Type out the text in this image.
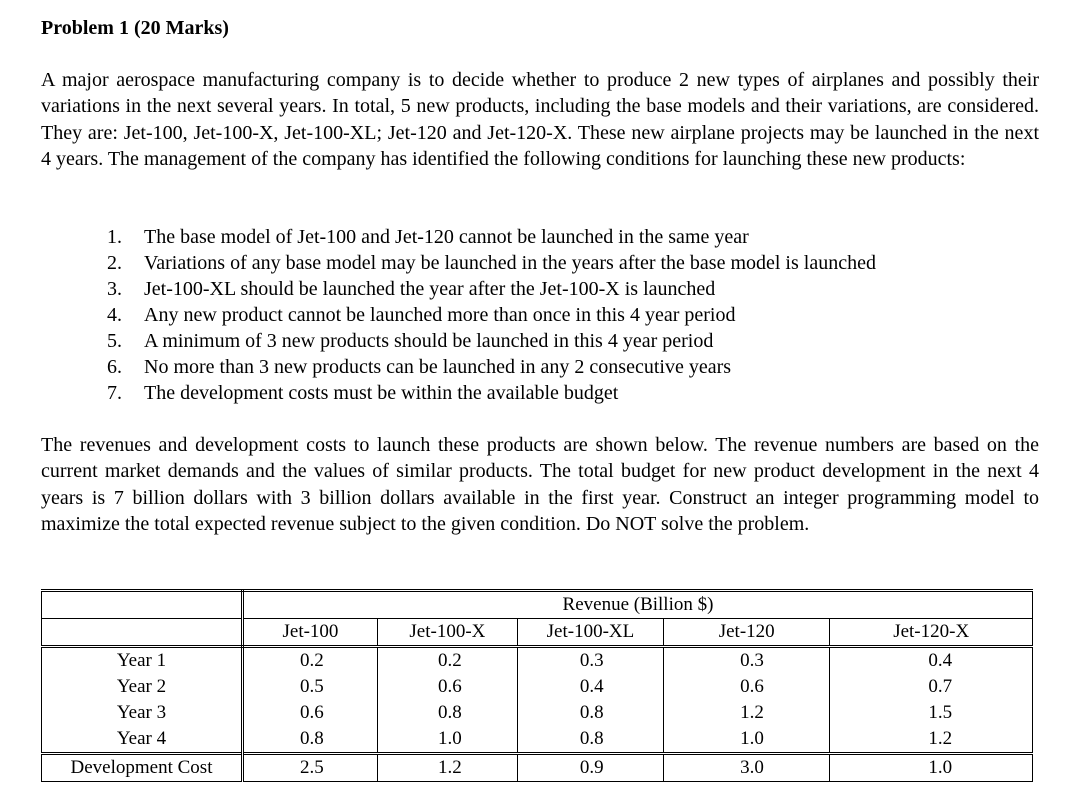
Problem 1 (20 Marks)

A major aerospace manufacturing company is to decide whether to produce 2 new types of airplanes and possibly their variations in the next several years. In total, 5 new products, including the base models and their variations, are considered. They are: Jet-100, Jet-100-X, Jet-100-XL; Jet-120 and Jet-120-X. These new airplane projects may be launched in the next 4 years. The management of the company has identified the following conditions for launching these new products:

1. The base model of Jet-100 and Jet-120 cannot be launched in the same year
2. Variations of any base model may be launched in the years after the base model is launched
3. Jet-100-XL should be launched the year after the Jet-100-X is launched
4. Any new product cannot be launched more than once in this 4 year period
5. A minimum of 3 new products should be launched in this 4 year period
6. No more than 3 new products can be launched in any 2 consecutive years
7. The development costs must be within the available budget

The revenues and development costs to launch these products are shown below. The revenue numbers are based on the current market demands and the values of similar products. The total budget for new product development in the next 4 years is 7 billion dollars with 3 billion dollars available in the first year. Construct an integer programming model to maximize the total expected revenue subject to the given condition. Do NOT solve the problem.

	Revenue (Billion $)				
	Jet-100	Jet-100-X	Jet-100-XL	Jet-120	Jet-120-X
Year 1	0.2	0.2	0.3	0.3	0.4
Year 2	0.5	0.6	0.4	0.6	0.7
Year 3	0.6	0.8	0.8	1.2	1.5
Year 4	0.8	1.0	0.8	1.0	1.2
Development Cost	2.5	1.2	0.9	3.0	1.0
